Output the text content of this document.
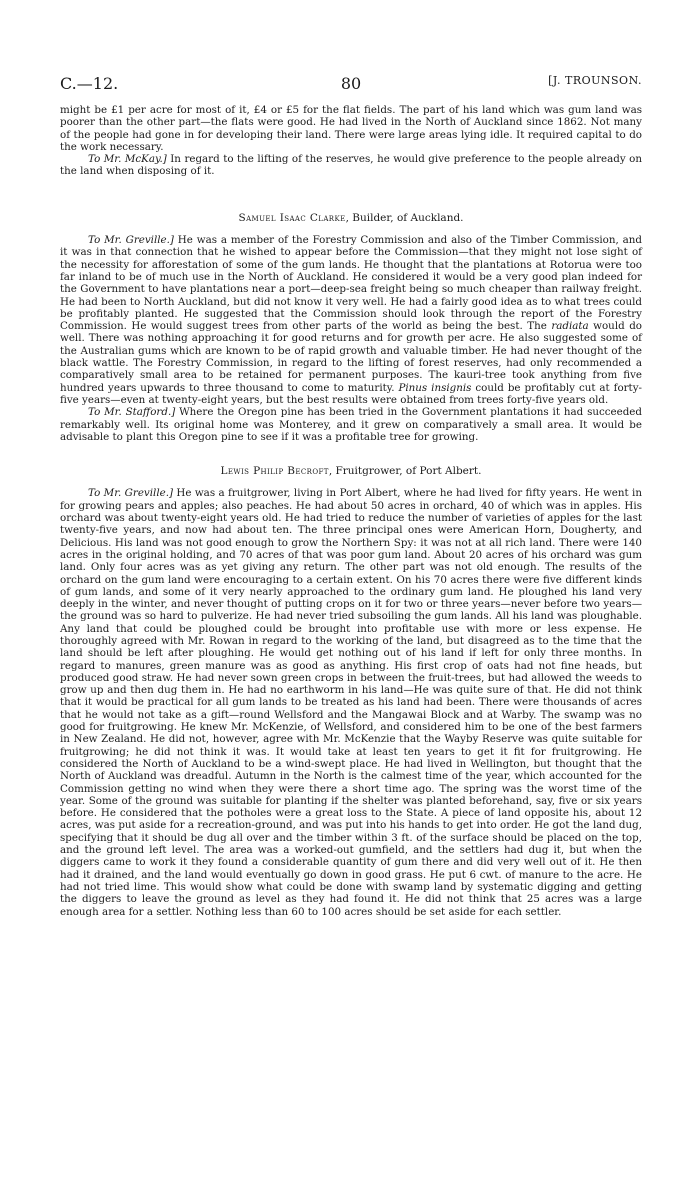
C.—12.	80	[J. TROUNSON.

might be £1 per acre for most of it, £4 or £5 for the flat fields. The part of his land which was gum land was poorer than the other part—the flats were good. He had lived in the North of Auckland since 1862. Not many of the people had gone in for developing their land. There were large areas lying idle. It required capital to do the work necessary.

To Mr. McKay.] In regard to the lifting of the reserves, he would give preference to the people already on the land when disposing of it.

Samuel Isaac Clarke, Builder, of Auckland.

To Mr. Greville.] He was a member of the Forestry Commission and also of the Timber Commission, and it was in that connection that he wished to appear before the Commission—that they might not lose sight of the necessity for afforestation of some of the gum lands. He thought that the plantations at Rotorua were too far inland to be of much use in the North of Auckland. He considered it would be a very good plan indeed for the Government to have plantations near a port—deep-sea freight being so much cheaper than railway freight. He had been to North Auckland, but did not know it very well. He had a fairly good idea as to what trees could be profitably planted. He suggested that the Commission should look through the report of the Forestry Commission. He would suggest trees from other parts of the world as being the best. The radiata would do well. There was nothing approaching it for good returns and for growth per acre. He also suggested some of the Australian gums which are known to be of rapid growth and valuable timber. He had never thought of the black wattle. The Forestry Commission, in regard to the lifting of forest reserves, had only recommended a comparatively small area to be retained for permanent purposes. The kauri-tree took anything from five hundred years upwards to three thousand to come to maturity. Pinus insignis could be profitably cut at forty-five years—even at twenty-eight years, but the best results were obtained from trees forty-five years old.

To Mr. Stafford.] Where the Oregon pine has been tried in the Government plantations it had succeeded remarkably well. Its original home was Monterey, and it grew on comparatively a small area. It would be advisable to plant this Oregon pine to see if it was a profitable tree for growing.

Lewis Philip Becroft, Fruitgrower, of Port Albert.

To Mr. Greville.] He was a fruitgrower, living in Port Albert, where he had lived for fifty years. He went in for growing pears and apples; also peaches. He had about 50 acres in orchard, 40 of which was in apples. His orchard was about twenty-eight years old. He had tried to reduce the number of varieties of apples for the last twenty-five years, and now had about ten. The three principal ones were American Horn, Dougherty, and Delicious. His land was not good enough to grow the Northern Spy: it was not at all rich land. There were 140 acres in the original holding, and 70 acres of that was poor gum land. About 20 acres of his orchard was gum land. Only four acres was as yet giving any return. The other part was not old enough. The results of the orchard on the gum land were encouraging to a certain extent. On his 70 acres there were five different kinds of gum lands, and some of it very nearly approached to the ordinary gum land. He ploughed his land very deeply in the winter, and never thought of putting crops on it for two or three years—never before two years—the ground was so hard to pulverize. He had never tried subsoiling the gum lands. All his land was ploughable. Any land that could be ploughed could be brought into profitable use with more or less expense. He thoroughly agreed with Mr. Rowan in regard to the working of the land, but disagreed as to the time that the land should be left after ploughing. He would get nothing out of his land if left for only three months. In regard to manures, green manure was as good as anything. His first crop of oats had not fine heads, but produced good straw. He had never sown green crops in between the fruit-trees, but had allowed the weeds to grow up and then dug them in. He had no earthworm in his land—He was quite sure of that. He did not think that it would be practical for all gum lands to be treated as his land had been. There were thousands of acres that he would not take as a gift—round Wellsford and the Mangawai Block and at Warby. The swamp was no good for fruitgrowing. He knew Mr. McKenzie, of Wellsford, and considered him to be one of the best farmers in New Zealand. He did not, however, agree with Mr. McKenzie that the Wayby Reserve was quite suitable for fruitgrowing; he did not think it was. It would take at least ten years to get it fit for fruitgrowing. He considered the North of Auckland to be a wind-swept place. He had lived in Wellington, but thought that the North of Auckland was dreadful. Autumn in the North is the calmest time of the year, which accounted for the Commission getting no wind when they were there a short time ago. The spring was the worst time of the year. Some of the ground was suitable for planting if the shelter was planted beforehand, say, five or six years before. He considered that the potholes were a great loss to the State. A piece of land opposite his, about 12 acres, was put aside for a recreation-ground, and was put into his hands to get into order. He got the land dug, specifying that it should be dug all over and the timber within 3 ft. of the surface should be placed on the top, and the ground left level. The area was a worked-out gumfield, and the settlers had dug it, but when the diggers came to work it they found a considerable quantity of gum there and did very well out of it. He then had it drained, and the land would eventually go down in good grass. He put 6 cwt. of manure to the acre. He had not tried lime. This would show what could be done with swamp land by systematic digging and getting the diggers to leave the ground as level as they had found it. He did not think that 25 acres was a large enough area for a settler. Nothing less than 60 to 100 acres should be set aside for each settler.
